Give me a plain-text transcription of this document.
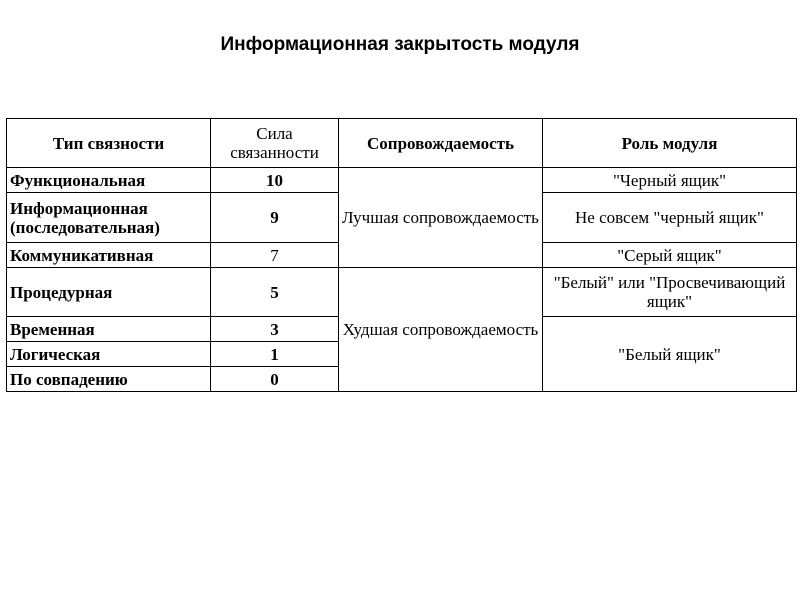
Информационная закрытость модуля
Тип связности	Сила связанности	Сопровождаемость	Роль модуля
Функциональная	10	Лучшая сопровождаемость	"Черный ящик"
Информационная (последовательная)	9		Не совсем "черный ящик"
Коммуникативная	7		"Серый ящик"
Процедурная	5	Худшая сопровождаемость	"Белый" или "Просвечивающий ящик"
Временная	3		"Белый ящик"
Логическая	1		
По совпадению	0		
